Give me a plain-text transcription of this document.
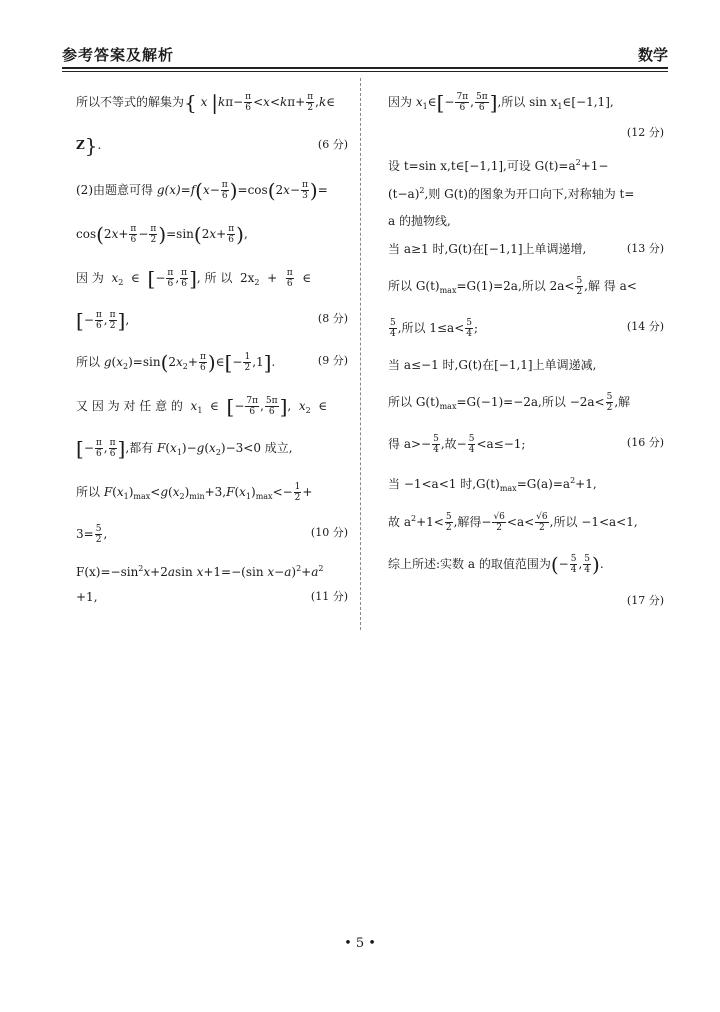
参考答案及解析	数学
所以不等式的解集为{ x $|k\pi- \frac{\pi}{6} <x<k\pi+ \frac{\pi}{2}$ ,k∈
Z}.	(6 分)
(2)由题意可得 $g(x)=f(x- \frac{\pi}{6} )=\cos(2x- \frac{\pi}{3}$ )=
$\cos(2x+ \frac{\pi}{6} - \frac{\pi}{2} )=\sin(2x+ \frac{\pi}{6}$ ),
因 为 $x_2$ ∈ [− $\frac{\pi}{6}$ , $\frac{\pi}{6}$ ], 所 以 $2x_2 + \frac{\pi}{6}$ ∈
[− $\frac{\pi}{6}$ , $\frac{\pi}{2}$ ],	(8 分)
所以 $g(x_2)=\sin(2x_2+ \frac{\pi}{6}$ )∈[− $\frac{1}{2} ,1$].	(9 分)
又 因 为 对 任 意 的 $x_1$  ∈  [− $\frac{7\pi}{6}$ , $\frac{5\pi}{6}$ ],  $x_2$  ∈
[− $\frac{\pi}{6}$ , $\frac{\pi}{6}$ ],都有 $F(x_1)-g(x_2)-3<0$ 成立,
所以 $F(x_1)_{max}<g(x_2)_{min}+3,F(x_1)_{max}<- \frac{1}{2}$ +
$3= \frac{5}{2}$ ,	(10 分)
$F(x)=-\sin^2x+2asin$ x+1=−(sin $x-a)^2+a^2$
+1,	(11 分)
因为 $x_1\in[- \frac{7\pi}{6}$ , $\frac{5\pi}{6}$ ],所以 $\sin x_1\in[-1,1]$,
(12 分)
设 t=sin x,t∈[−1,1],可设 $G(t)=a^2+1-$
$(t-a)^2$,则 G(t)的图象为开口向下,对称轴为 t=
a 的抛物线,
当 a≥1 时,G(t)在[−1,1]上单调递增,	(13 分)
所以 $G(t)_{max}=G(1)=2a$,所以 $2a< \frac{5}{2}$ ,解 得 a<
$\frac{5}{4}$ ,所以 $1\le a< \frac{5}{4}$ ;	(14 分)
当 a≤−1 时,G(t)在[−1,1]上单调递减,
所以 $G(t)_{max}=G(-1)=-2a$,所以 $-2a< \frac{5}{2}$ ,解
得 $a>- \frac{5}{4}$ ,故− $\frac{5}{4} <a\le-1$;	(16 分)
当 −1<a<1 时$,G(t)_{max}=G(a)=a^2+1$,
故 $a^2+1< \frac{5}{2}$ ,解得− $\frac{√6}{2} <a< \frac{√6}{2}$ ,所以 −1<a<1,
综上所述:实数 a 的取值范围为(− $\frac{5}{4}$ , $\frac{5}{4}$ ).
(17 分)
• 5 •
